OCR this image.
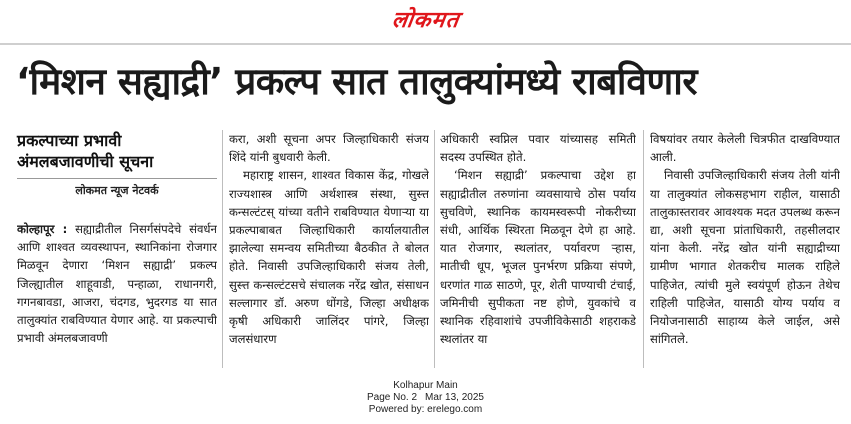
लोकमत
‘मिशन सह्याद्री’ प्रकल्प सात तालुक्यांमध्ये राबविणार
प्रकल्पाच्या प्रभावी अंमलबजावणीची सूचना
लोकमत न्यूज नेटवर्क

कोल्हापूर : सह्याद्रीतील निसर्गसंपदेचे संवर्धन आणि शाश्वत व्यवस्थापन, स्थानिकांना रोजगार मिळवून देणारा ‘मिशन सह्याद्री’ प्रकल्प जिल्ह्यातील शाहूवाडी, पन्हाळा, राधानगरी, गगनबावडा, आजरा, चंदगड, भुदरगड या सात तालुक्यांत राबविण्यात येणार आहे. या प्रकल्पाची प्रभावी अंमलबजावणी

करा, अशी सूचना अपर जिल्हाधिकारी संजय शिंदे यांनी बुधवारी केली.

महाराष्ट्र शासन, शाश्वत विकास केंद्र, गोखले राज्यशास्त्र आणि अर्थशास्त्र संस्था, सुस्त्त कन्सल्टंटस् यांच्या वतीने राबविण्यात येणाऱ्या या प्रकल्पाबाबत जिल्हाधिकारी कार्यालयातील झालेल्या समन्वय समितीच्या बैठकीत ते बोलत होते. निवासी उपजिल्हाधिकारी संजय तेली, सुस्त्त कन्सल्टंटसचे संचालक नरेंद्र खोत, संसाधन सल्लागार डॉ. अरुण धोंगडे, जिल्हा अधीक्षक कृषी अधिकारी जालिंदर पांगरे, जिल्हा जलसंधारण

अधिकारी स्वप्निल पवार यांच्यासह समिती सदस्य उपस्थित होते.

‘मिशन सह्याद्री’ प्रकल्पाचा उद्देश हा सह्याद्रीतील तरुणांना व्यवसायाचे ठोस पर्याय सुचविणे, स्थानिक कायमस्वरूपी नोकरीच्या संधी, आर्थिक स्थिरता मिळवून देणे हा आहे. यात रोजगार, स्थलांतर, पर्यावरण ऱ्हास, मातीची धूप, भूजल पुनर्भरण प्रक्रिया संपणे, धरणांत गाळ साठणे, पूर, शेती पाण्याची टंचाई, जमिनीची सुपीकता नष्ट होणे, युवकांचे व स्थानिक रहिवाशांचे उपजीविकेसाठी शहराकडे स्थलांतर या

विषयांवर तयार केलेली चित्रफीत दाखविण्यात आली.

निवासी उपजिल्हाधिकारी संजय तेली यांनी या तालुक्यांत लोकसहभाग राहील, यासाठी तालुकास्तरावर आवश्यक मदत उपलब्ध करून द्या, अशी सूचना प्रांताधिकारी, तहसीलदार यांना केली. नरेंद्र खोत यांनी सह्याद्रीच्या ग्रामीण भागात शेतकरीच मालक राहिले पाहिजेत, त्यांची मुले स्वयंपूर्ण होऊन तेथेच राहिली पाहिजेत, यासाठी योग्य पर्याय व नियोजनासाठी साहाय्य केले जाईल, असे सांगितले.

Kolhapur Main
Page No. 2 Mar 13, 2025
Powered by: erelego.com
